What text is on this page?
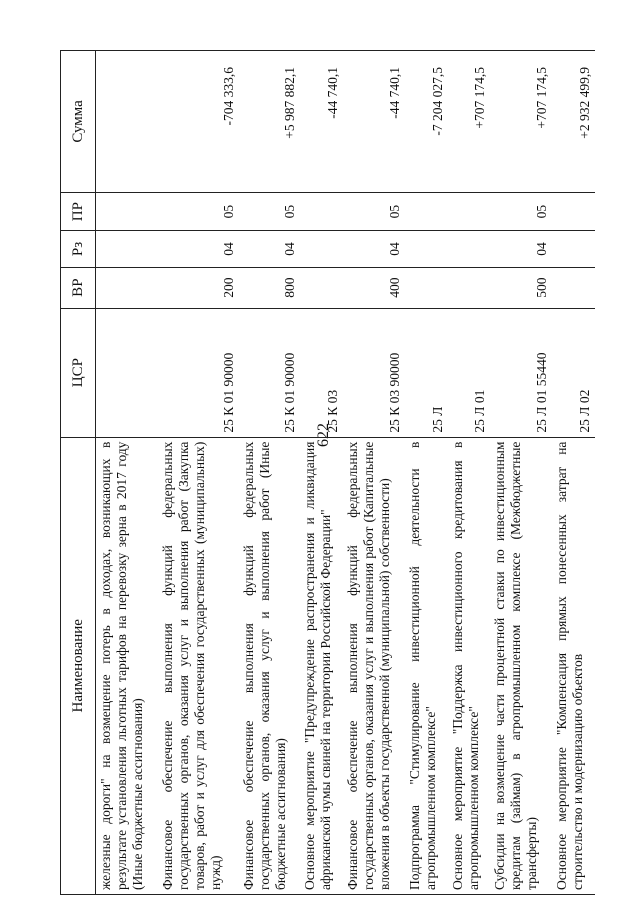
622
Наименование	ЦСР	ВР	Рз	ПР	Сумма
железные дороги" на возмещение потерь в доходах, возникающих в результате установления льготных тарифов на перевозку зерна в 2017 году (Иные бюджетные ассигнования)					
Финансовое обеспечение выполнения функций федеральных государственных органов, оказания услуг и выполнения работ (Закупка товаров, работ и услуг для обеспечения государственных (муниципальных) нужд)	25 К 01 90000	200	04	05	-704 333,6
Финансовое обеспечение выполнения функций федеральных государственных органов, оказания услуг и выполнения работ (Иные бюджетные ассигнования)	25 К 01 90000	800	04	05	+5 987 882,1
Основное мероприятие "Предупреждение распространения и ликвидация африканской чумы свиней на территории Российской Федерации"	25 К 03				-44 740,1
Финансовое обеспечение выполнения функций федеральных государственных органов, оказания услуг и выполнения работ (Капитальные вложения в объекты государственной (муниципальной) собственности)	25 К 03 90000	400	04	05	-44 740,1
Подпрограмма "Стимулирование инвестиционной деятельности в агропромышленном комплексе"	25 Л				-7 204 027,5
Основное мероприятие "Поддержка инвестиционного кредитования в агропромышленном комплексе"	25 Л 01				+707 174,5
Субсидии на возмещение части процентной ставки по инвестиционным кредитам (займам) в агропромышленном комплексе (Межбюджетные трансферты)	25 Л 01 55440	500	04	05	+707 174,5
Основное мероприятие "Компенсация прямых понесенных затрат на строительство и модернизацию объектов	25 Л 02				+2 932 499,9
